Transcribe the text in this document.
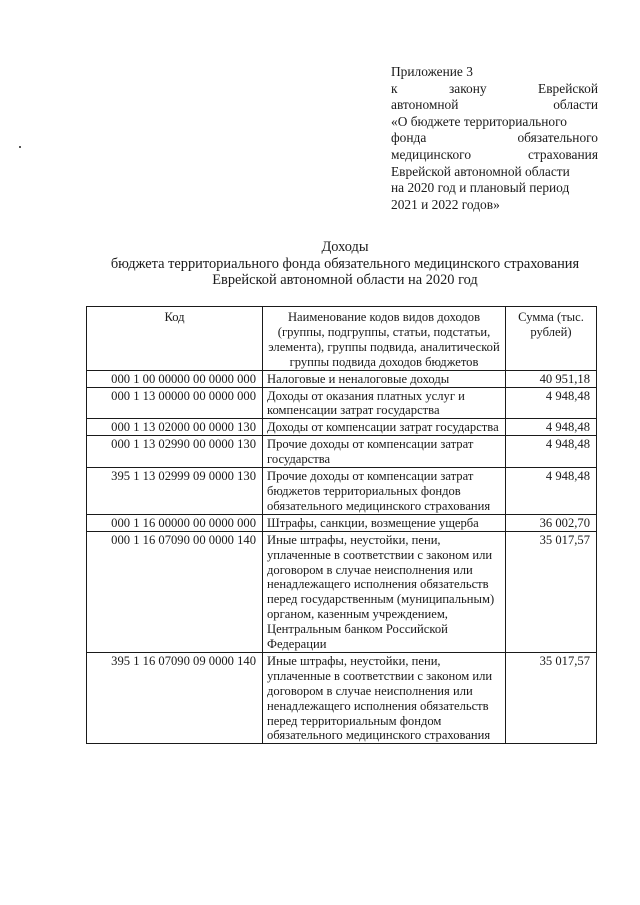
Приложение 3
к	закону	Еврейской
автономной	области
«О бюджете территориального
фонда	обязательного
медицинского	страхования
Еврейской автономной области
на 2020 год и плановый период
2021 и 2022 годов»
Доходы
бюджета территориального фонда обязательного медицинского страхования
Еврейской автономной области на 2020 год
Код	Наименование кодов видов доходов (группы, подгруппы, статьи, подстатьи, элемента), группы подвида, аналитической группы подвида доходов бюджетов	Сумма (тыс. рублей)
000 1 00 00000 00 0000 000	Налоговые и неналоговые доходы	40 951,18
000 1 13 00000 00 0000 000	Доходы от оказания платных услуг и компенсации затрат государства	4 948,48
000 1 13 02000 00 0000 130	Доходы от компенсации затрат государства	4 948,48
000 1 13 02990 00 0000 130	Прочие доходы от компенсации затрат государства	4 948,48
395 1 13 02999 09 0000 130	Прочие доходы от компенсации затрат бюджетов территориальных фондов обязательного медицинского страхования	4 948,48
000 1 16 00000 00 0000 000	Штрафы, санкции, возмещение ущерба	36 002,70
000 1 16 07090 00 0000 140	Иные штрафы, неустойки, пени, уплаченные в соответствии с законом или договором в случае неисполнения или ненадлежащего исполнения обязательств перед государственным (муниципальным) органом, казенным учреждением, Центральным банком Российской Федерации	35 017,57
395 1 16 07090 09 0000 140	Иные штрафы, неустойки, пени, уплаченные в соответствии с законом или договором в случае неисполнения или ненадлежащего исполнения обязательств перед территориальным фондом обязательного медицинского страхования	35 017,57
